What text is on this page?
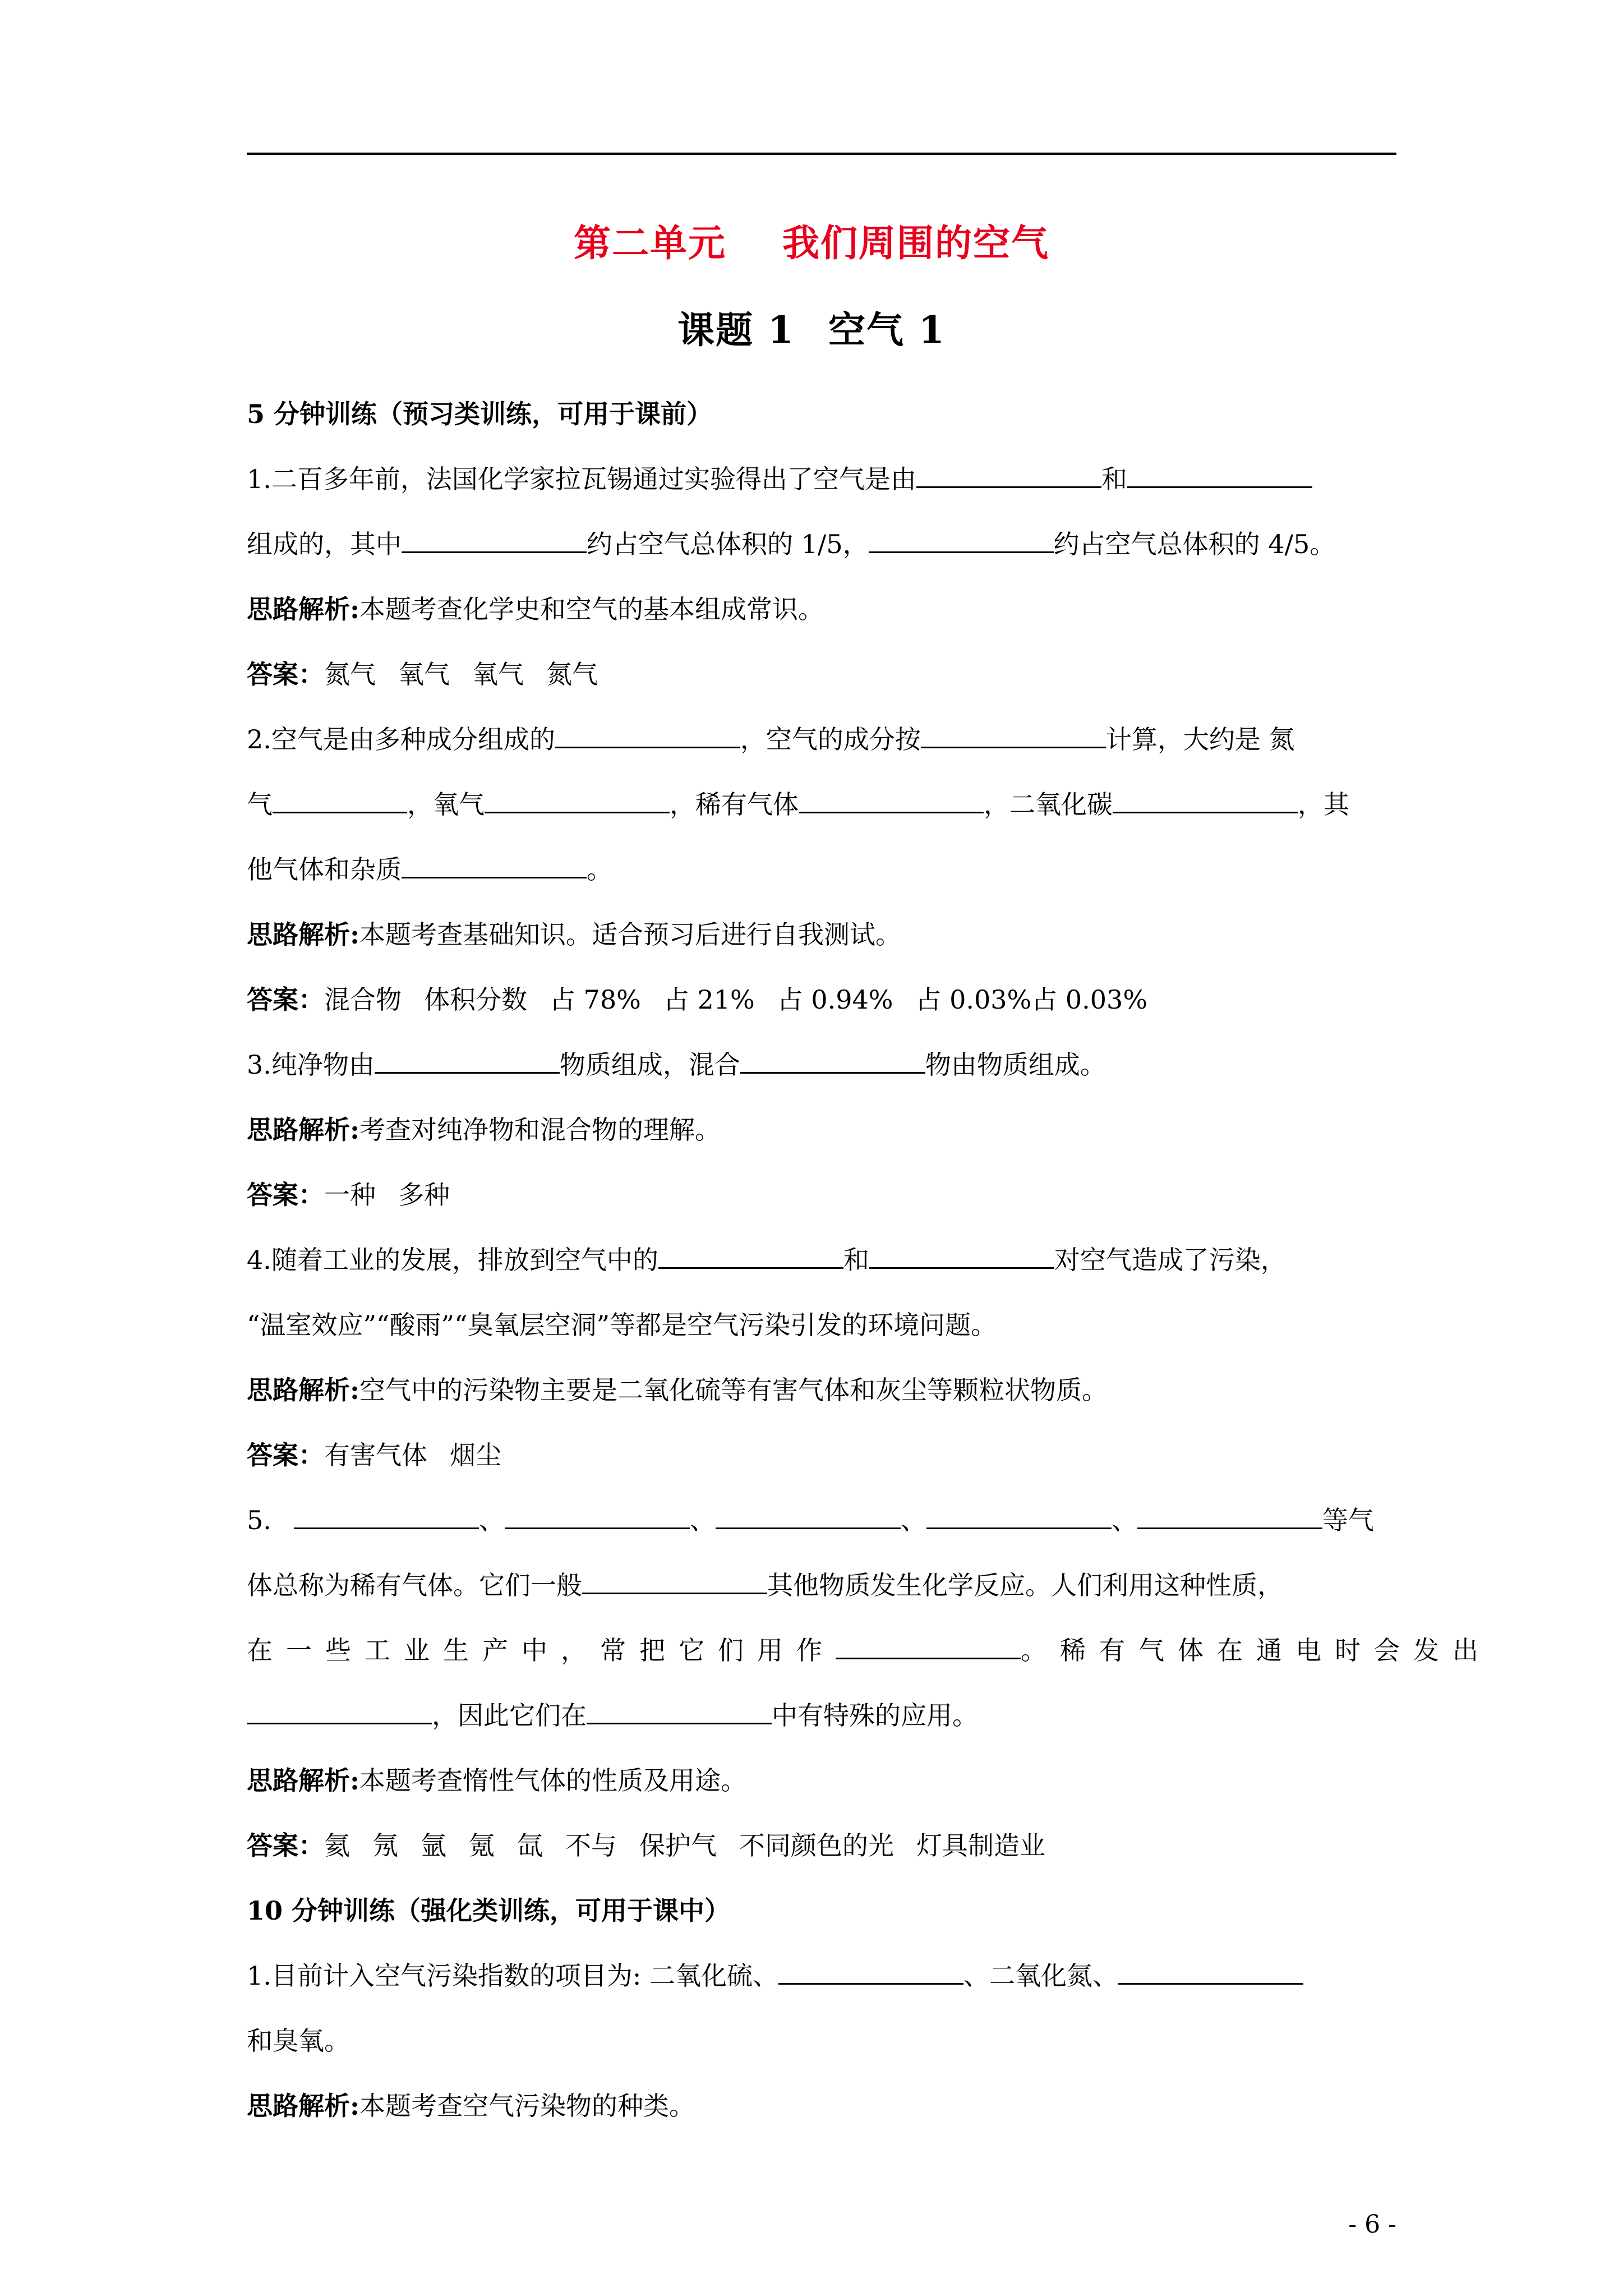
第二单元 我们周围的空气
课题 1 空气 1
5 分钟训练（预习类训练，可用于课前）
1.二百多年前，法国化学家拉瓦锡通过实验得出了空气是由	和
组成的，其中	约占空气总体积的 1/5，	约占空气总体积的 4/5。
思路解析:本题考查化学史和空气的基本组成常识。
答案：氮气 氧气 氧气 氮气
2.空气是由多种成分组成的	，空气的成分按	计算，大约是 氮
气	，氧气	，稀有气体	，二氧化碳	，其
他气体和杂质	。
思路解析:本题考查基础知识。适合预习后进行自我测试。
答案：混合物 体积分数 占 78% 占 21% 占 0.94% 占 0.03%占 0.03%
3.纯净物由	物质组成，混合	物由物质组成。
思路解析:考查对纯净物和混合物的理解。
答案：一种 多种
4.随着工业的发展，排放到空气中的	和	对空气造成了污染，
“温室效应”“酸雨”“臭氧层空洞”等都是空气污染引发的环境问题。
思路解析:空气中的污染物主要是二氧化硫等有害气体和灰尘等颗粒状物质。
答案：有害气体 烟尘
5.	、	、	、	、	等气
体总称为稀有气体。它们一般	其他物质发生化学反应。人们利用这种性质，
在一些工业生产中，常把它们用作	。稀有气体在通电时会发出
，因此它们在	中有特殊的应用。
思路解析:本题考查惰性气体的性质及用途。
答案：氦 氖 氩 氪 氙 不与 保护气 不同颜色的光 灯具制造业
10 分钟训练（强化类训练，可用于课中）
1.目前计入空气污染指数的项目为: 二氧化硫、	、二氧化氮、
和臭氧。
思路解析:本题考查空气污染物的种类。
- 6 -
